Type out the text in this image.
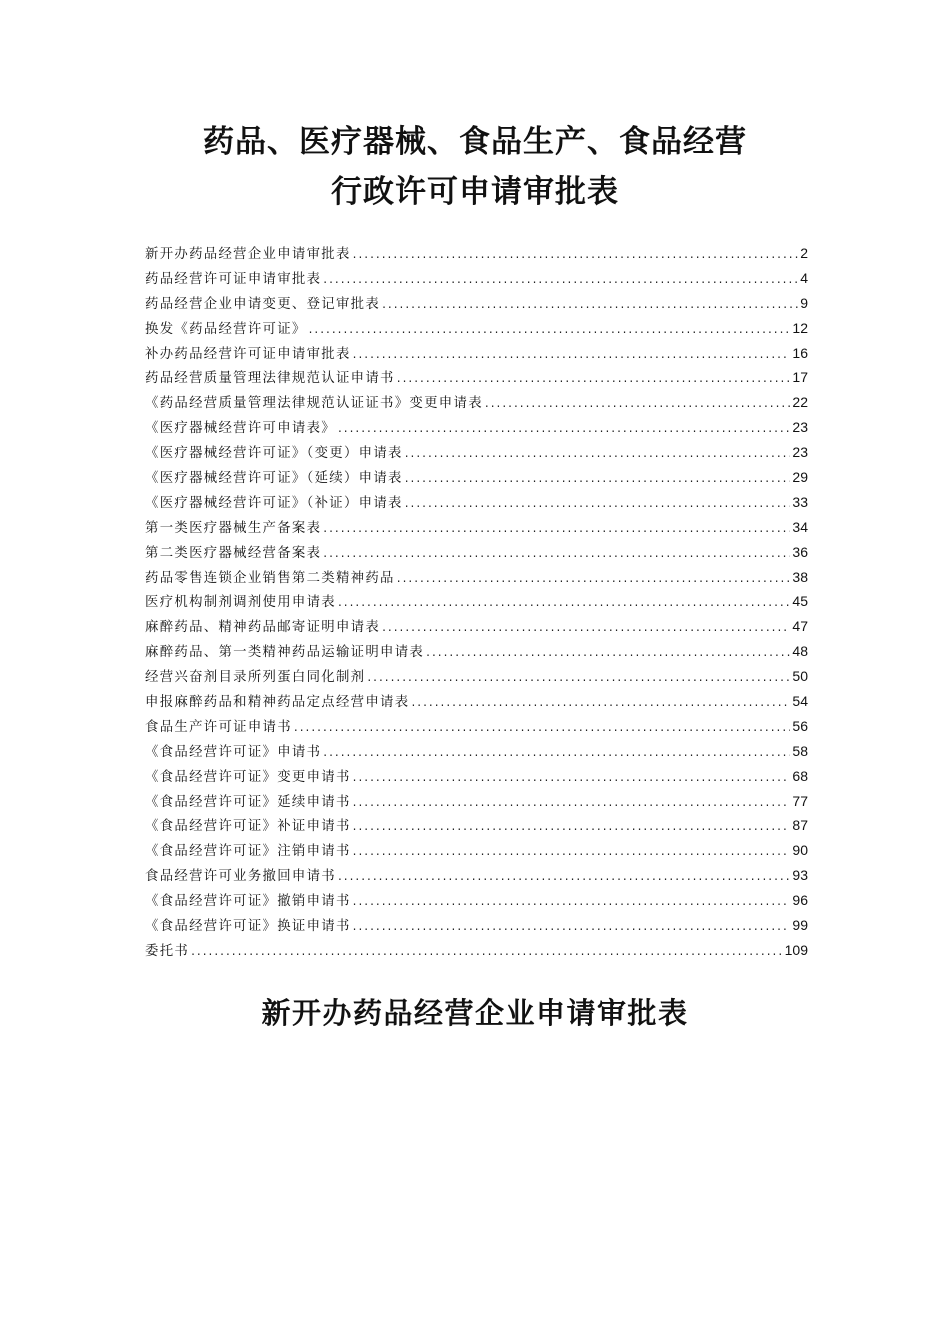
药品、医疗器械、食品生产、食品经营
行政许可申请审批表
新开办药品经营企业申请审批表 .....	2
药品经营许可证申请审批表 .....	4
药品经营企业申请变更、登记审批表 .....	9
换发《药品经营许可证》 .....	12
补办药品经营许可证申请审批表 .....	16
药品经营质量管理法律规范认证申请书 .....	17
《药品经营质量管理法律规范认证证书》变更申请表 .....	22
《医疗器械经营许可申请表》 .....	23
《医疗器械经营许可证》（变更）申请表 .....	23
《医疗器械经营许可证》（延续）申请表 .....	29
《医疗器械经营许可证》（补证）申请表 .....	33
第一类医疗器械生产备案表 .....	34
第二类医疗器械经营备案表 .....	36
药品零售连锁企业销售第二类精神药品 .....	38
医疗机构制剂调剂使用申请表 .....	45
麻醉药品、精神药品邮寄证明申请表 .....	47
麻醉药品、第一类精神药品运输证明申请表 .....	48
经营兴奋剂目录所列蛋白同化制剂 .....	50
申报麻醉药品和精神药品定点经营申请表 .....	54
食品生产许可证申请书 .....	56
《食品经营许可证》申请书 .....	58
《食品经营许可证》变更申请书 .....	68
《食品经营许可证》延续申请书 .....	77
《食品经营许可证》补证申请书 .....	87
《食品经营许可证》注销申请书 .....	90
食品经营许可业务撤回申请书 .....	93
《食品经营许可证》撤销申请书 .....	96
《食品经营许可证》换证申请书 .....	99
委托书 .....	109
新开办药品经营企业申请审批表
